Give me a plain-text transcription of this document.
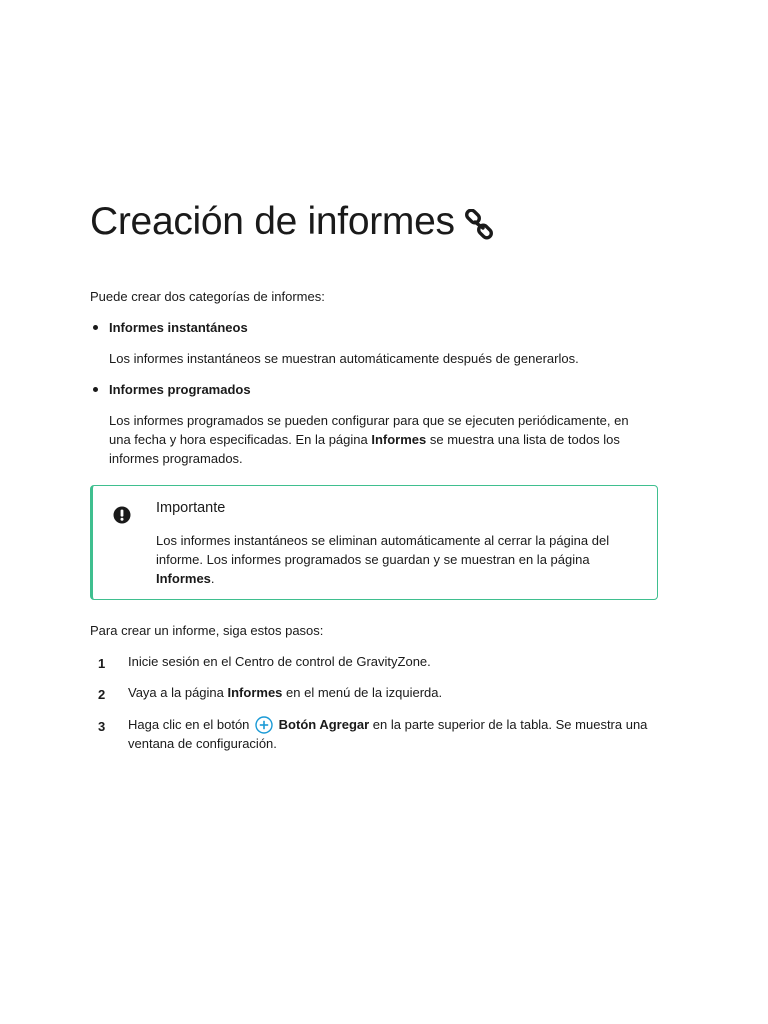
Creación de informes

Puede crear dos categorías de informes:

Informes instantáneos

Los informes instantáneos se muestran automáticamente después de generarlos.

Informes programados

Los informes programados se pueden configurar para que se ejecuten periódicamente, en una fecha y hora especificadas. En la página Informes se muestra una lista de todos los informes programados.

Importante
Los informes instantáneos se eliminan automáticamente al cerrar la página del informe. Los informes programados se guardan y se muestran en la página Informes.

Para crear un informe, siga estos pasos:

1 Inicie sesión en el Centro de control de GravityZone.
2 Vaya a la página Informes en el menú de la izquierda.
3 Haga clic en el botón  Botón Agregar en la parte superior de la tabla. Se muestra una ventana de configuración.
